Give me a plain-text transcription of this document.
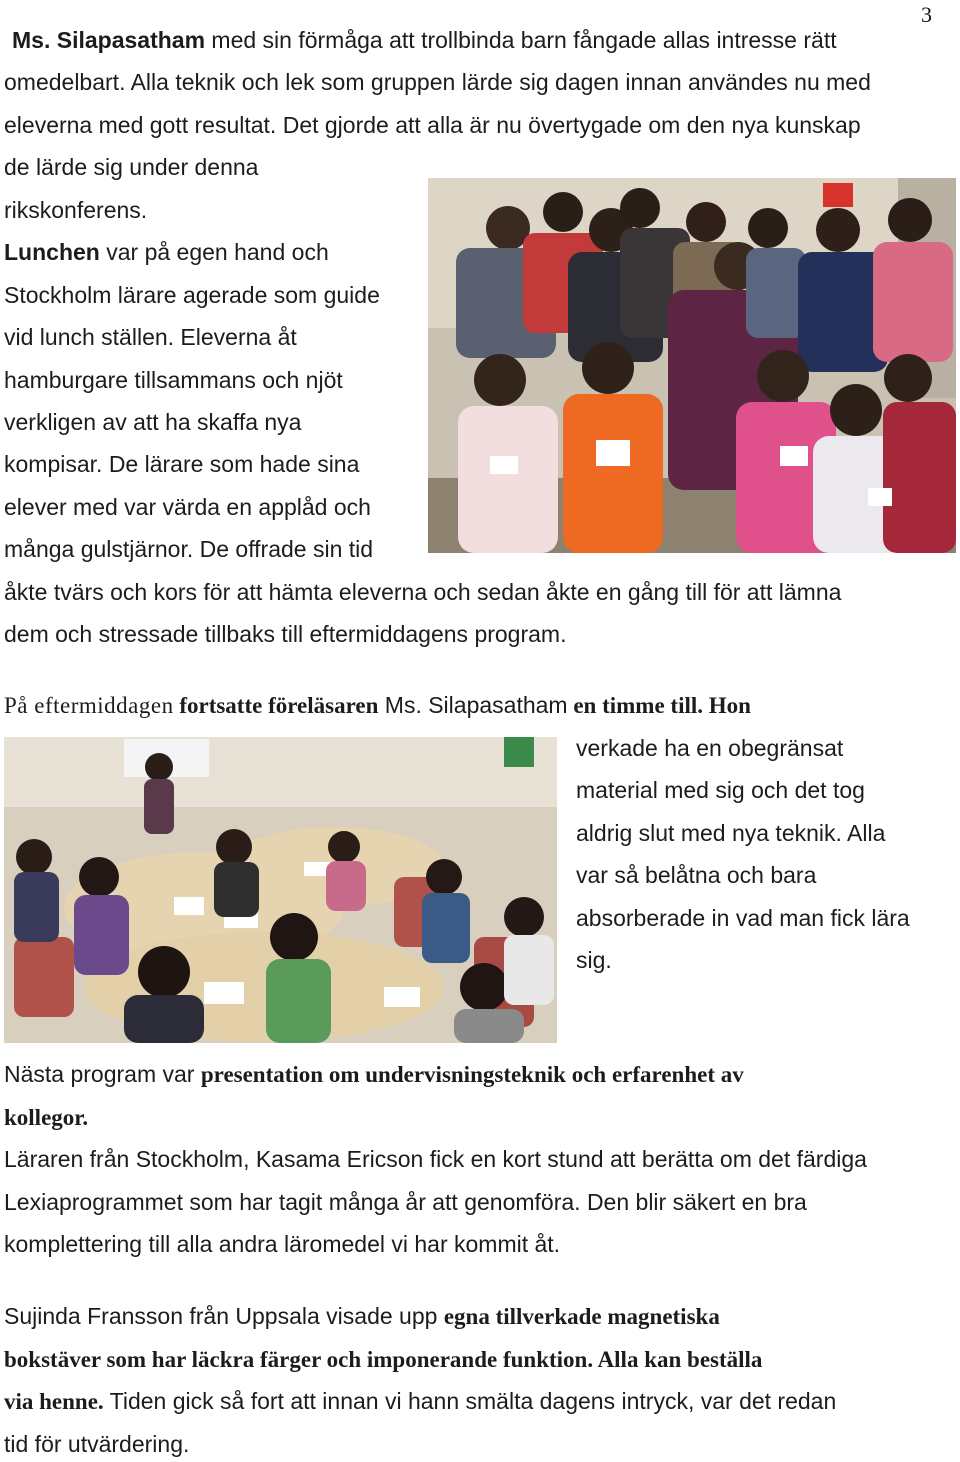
3
Ms. Silapasatham med sin förmåga att trollbinda barn fångade allas intresse rätt
omedelbart. Alla teknik och lek som gruppen lärde sig dagen innan användes nu med
eleverna med gott resultat. Det gjorde att alla är nu övertygade om den nya kunskap
de lärde sig under denna
rikskonferens.
Lunchen var på egen hand och
Stockholm lärare agerade som guide
vid lunch ställen. Eleverna åt
hamburgare tillsammans och njöt
verkligen av att ha skaffa nya
kompisar. De lärare som hade sina
elever med var värda en applåd och
många gulstjärnor. De offrade sin tid
åkte tvärs och kors för att hämta eleverna och sedan åkte en gång till för att lämna
dem och stressade tillbaks till eftermiddagens program.
På eftermiddagen fortsatte föreläsaren Ms. Silapasatham en timme till. Hon
verkade ha en obegränsat
material med sig och det tog
aldrig slut med nya teknik. Alla
var så belåtna och bara
absorberade in vad man fick lära
sig.
Nästa program var presentation om undervisningsteknik och erfarenhet av
kollegor.
Läraren från Stockholm, Kasama Ericson fick en kort stund att berätta om det färdiga
Lexiaprogrammet som har tagit många år att genomföra. Den blir säkert en bra
komplettering till alla andra läromedel vi har kommit åt.
Sujinda Fransson från Uppsala visade upp egna tillverkade magnetiska
bokstäver som har läckra färger och imponerande funktion. Alla kan beställa
via henne. Tiden gick så fort att innan vi hann smälta dagens intryck, var det redan
tid för utvärdering.
